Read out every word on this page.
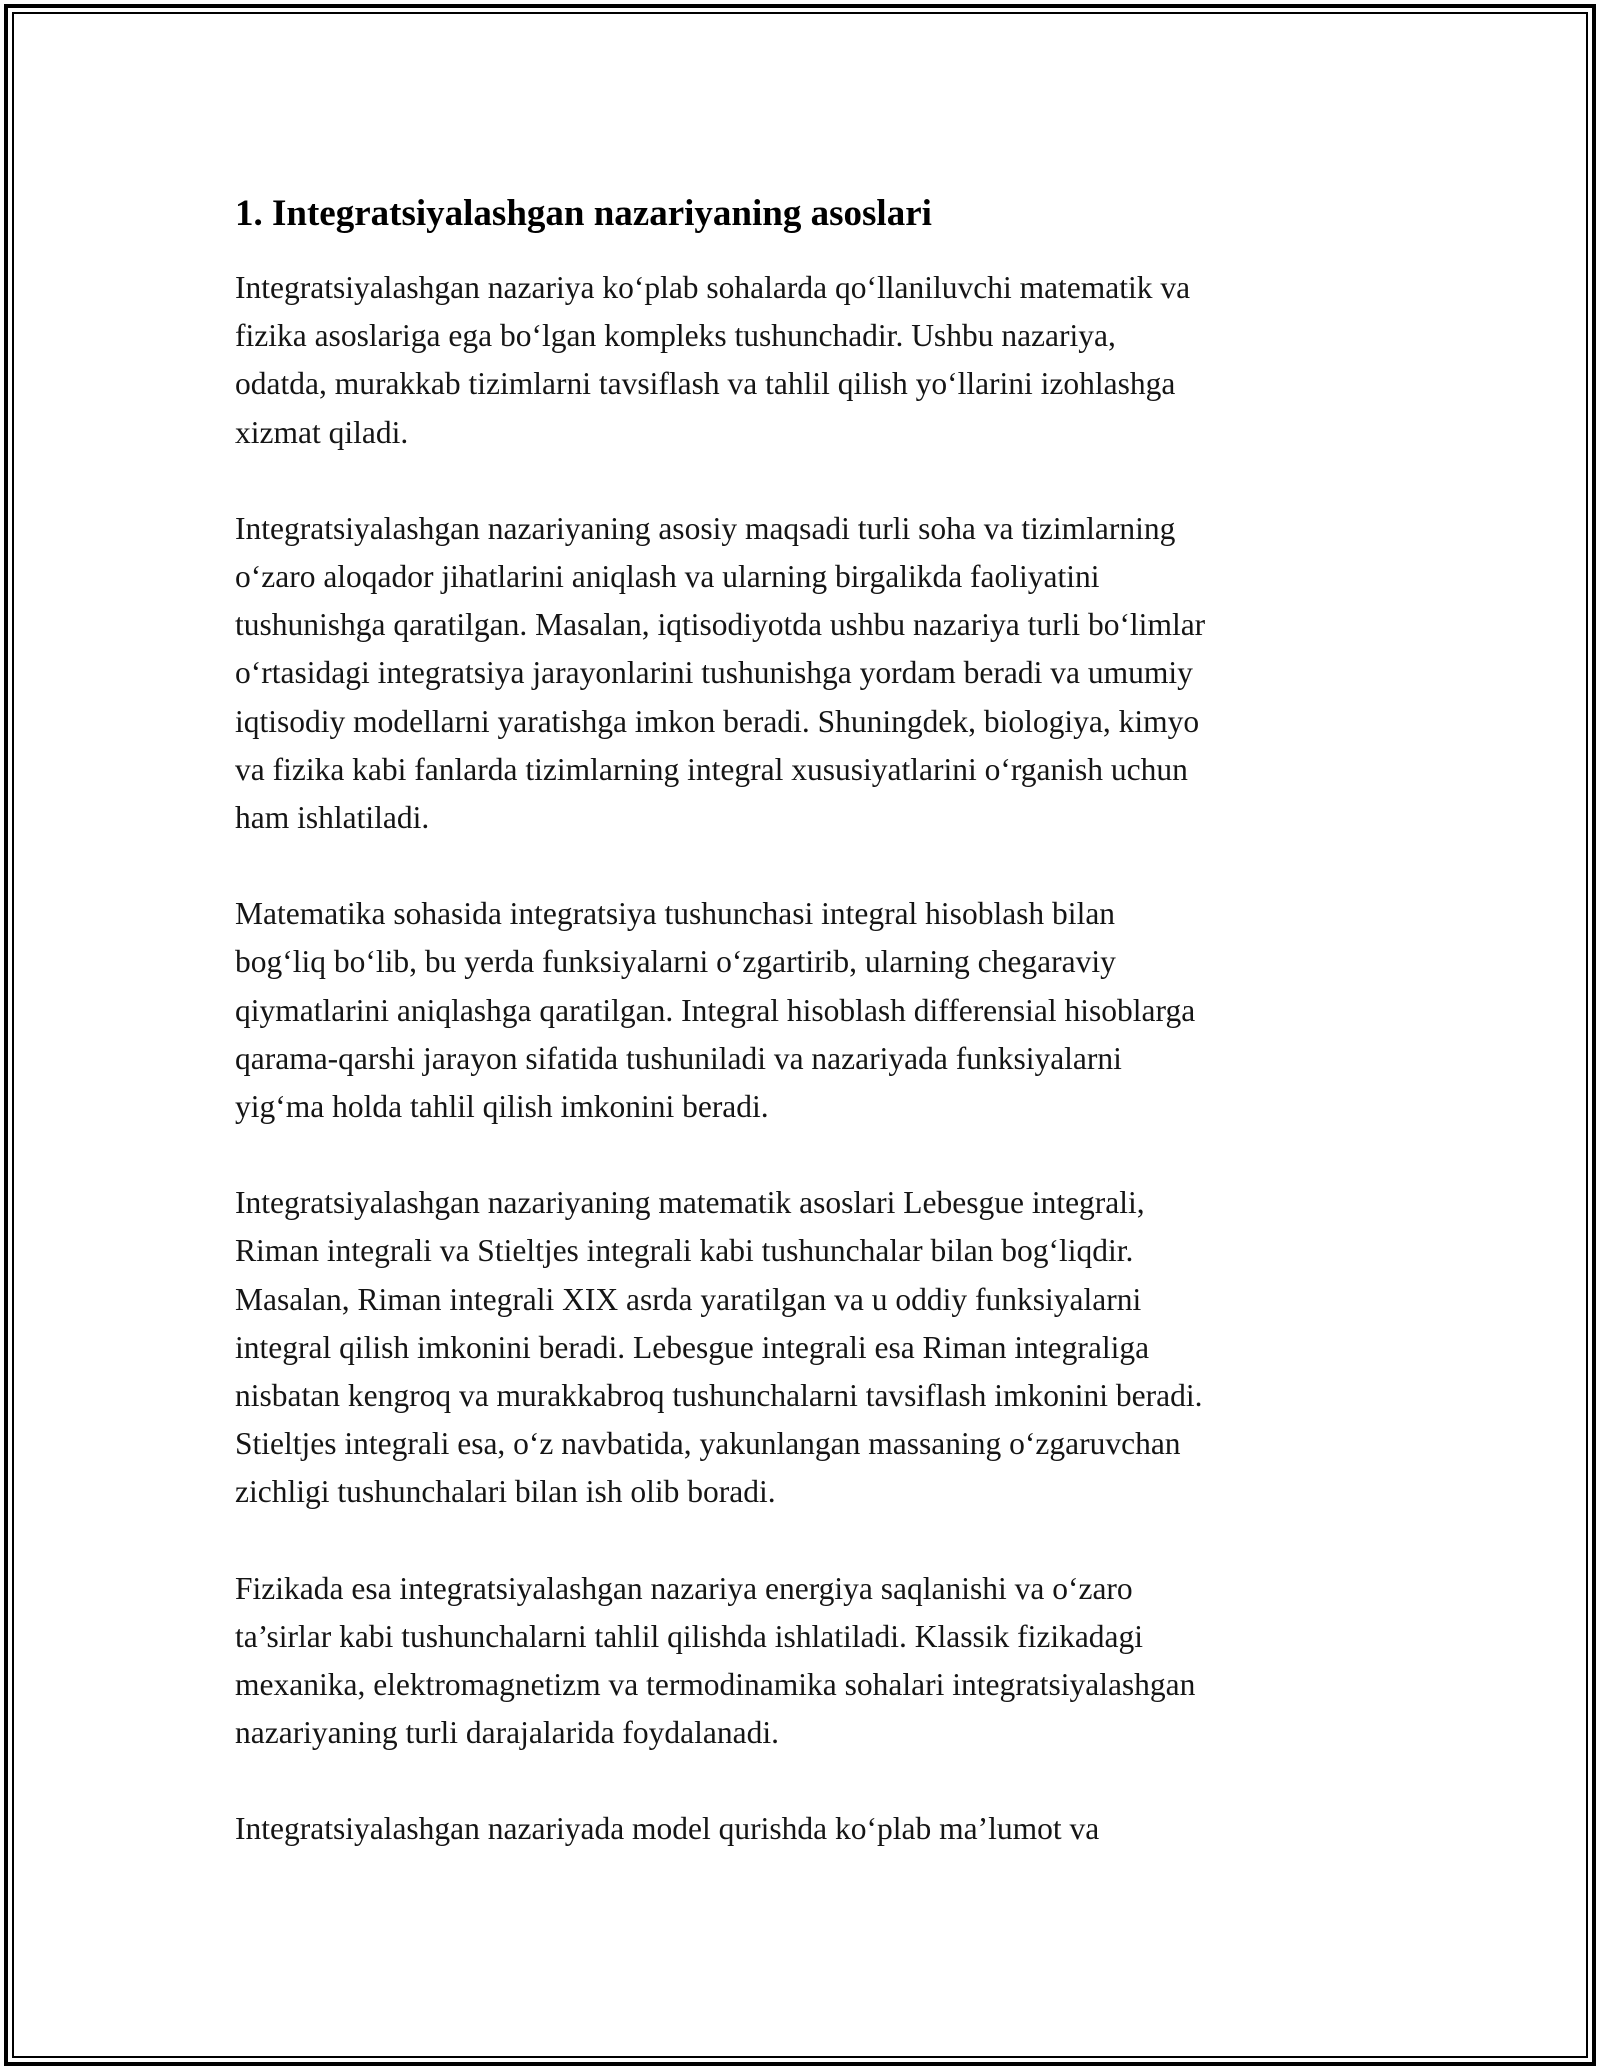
1. Integratsiyalashgan nazariyaning asoslari

Integratsiyalashgan nazariya ko‘plab sohalarda qo‘llaniluvchi matematik va
fizika asoslariga ega bo‘lgan kompleks tushunchadir. Ushbu nazariya,
odatda, murakkab tizimlarni tavsiflash va tahlil qilish yo‘llarini izohlashga
xizmat qiladi.

Integratsiyalashgan nazariyaning asosiy maqsadi turli soha va tizimlarning
o‘zaro aloqador jihatlarini aniqlash va ularning birgalikda faoliyatini
tushunishga qaratilgan. Masalan, iqtisodiyotda ushbu nazariya turli bo‘limlar
o‘rtasidagi integratsiya jarayonlarini tushunishga yordam beradi va umumiy
iqtisodiy modellarni yaratishga imkon beradi. Shuningdek, biologiya, kimyo
va fizika kabi fanlarda tizimlarning integral xususiyatlarini o‘rganish uchun
ham ishlatiladi.

Matematika sohasida integratsiya tushunchasi integral hisoblash bilan
bog‘liq bo‘lib, bu yerda funksiyalarni o‘zgartirib, ularning chegaraviy
qiymatlarini aniqlashga qaratilgan. Integral hisoblash differensial hisoblarga
qarama-qarshi jarayon sifatida tushuniladi va nazariyada funksiyalarni
yig‘ma holda tahlil qilish imkonini beradi.

Integratsiyalashgan nazariyaning matematik asoslari Lebesgue integrali,
Riman integrali va Stieltjes integrali kabi tushunchalar bilan bog‘liqdir.
Masalan, Riman integrali XIX asrda yaratilgan va u oddiy funksiyalarni
integral qilish imkonini beradi. Lebesgue integrali esa Riman integraliga
nisbatan kengroq va murakkabroq tushunchalarni tavsiflash imkonini beradi.
Stieltjes integrali esa, o‘z navbatida, yakunlangan massaning o‘zgaruvchan
zichligi tushunchalari bilan ish olib boradi.

Fizikada esa integratsiyalashgan nazariya energiya saqlanishi va o‘zaro
ta’sirlar kabi tushunchalarni tahlil qilishda ishlatiladi. Klassik fizikadagi
mexanika, elektromagnetizm va termodinamika sohalari integratsiyalashgan
nazariyaning turli darajalarida foydalanadi.

Integratsiyalashgan nazariyada model qurishda ko‘plab ma’lumot va
